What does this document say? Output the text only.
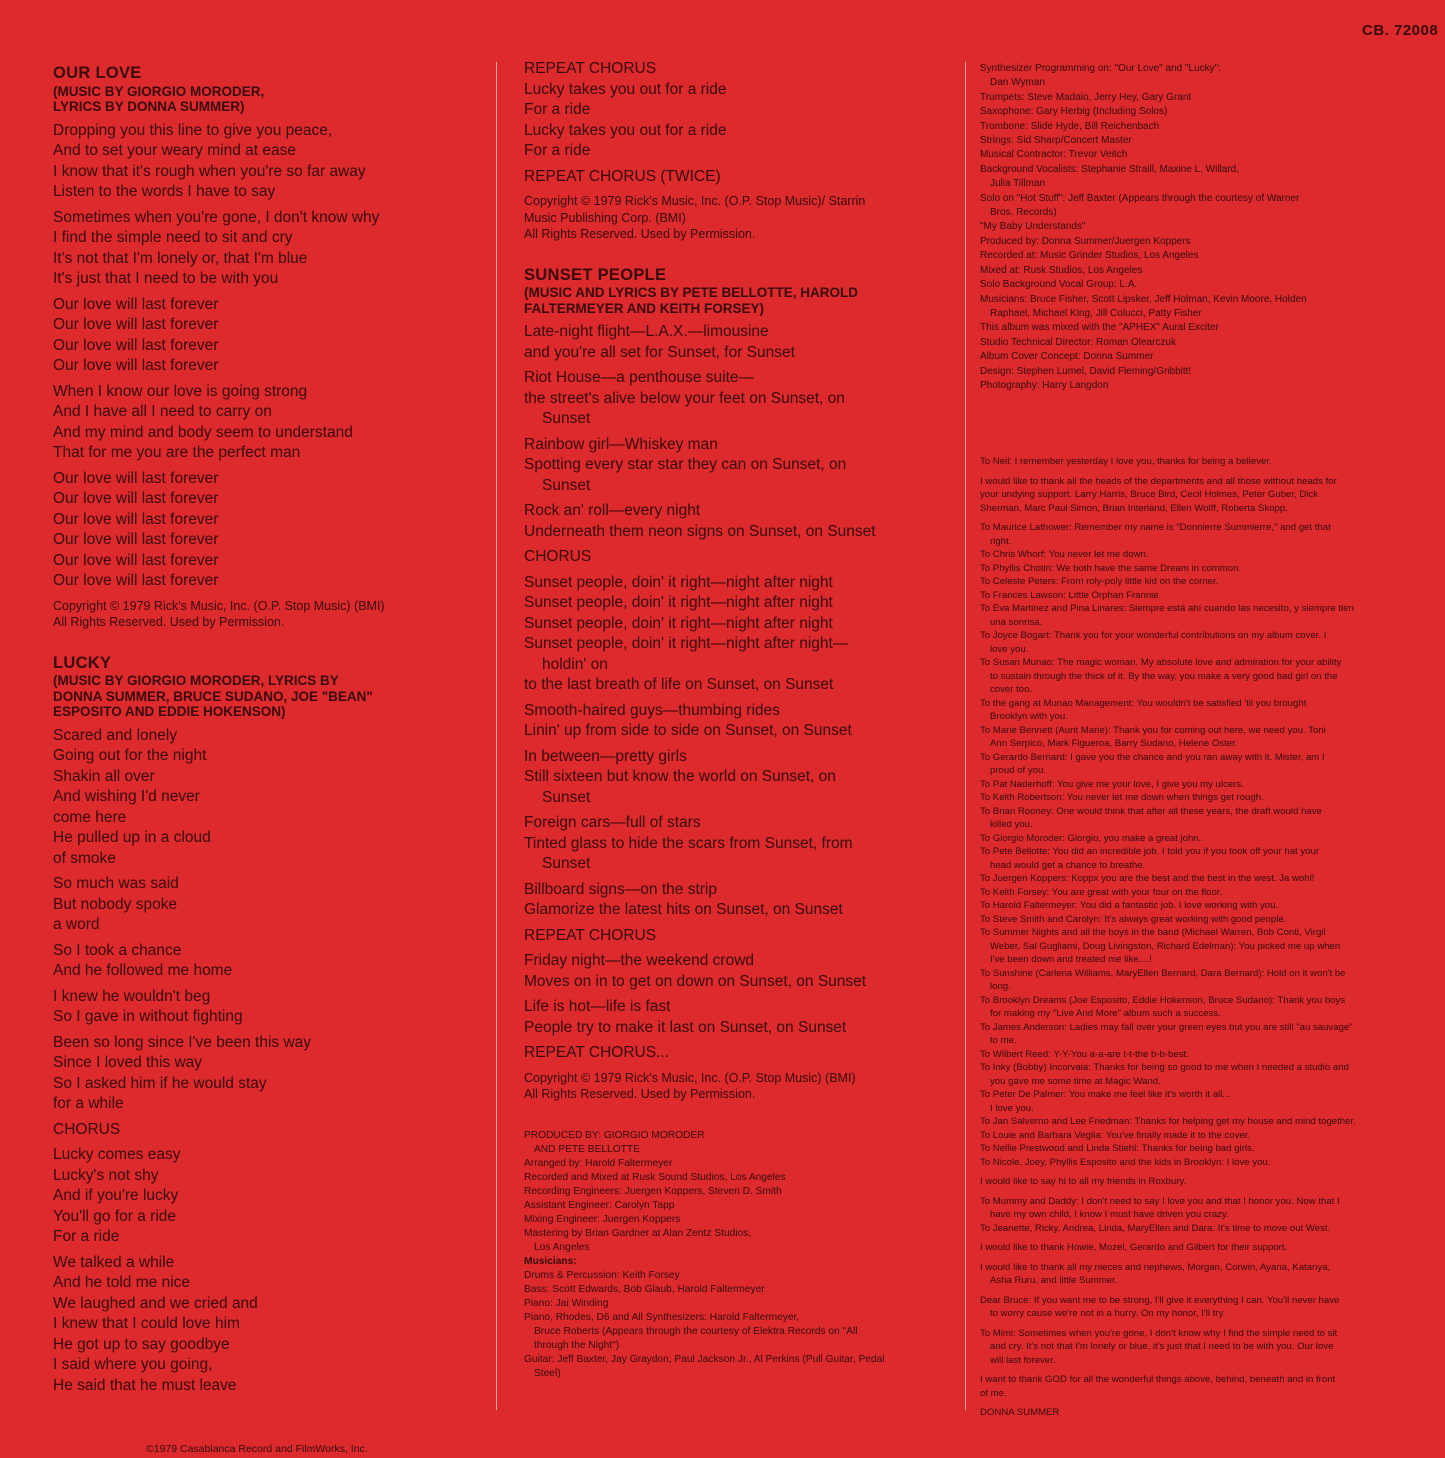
CB. 72008
©1979 Casablanca Record and FilmWorks, Inc.
OUR LOVE
(MUSIC BY GIORGIO MORODER,
LYRICS BY DONNA SUMMER)
Dropping you this line to give you peace,
And to set your weary mind at ease
I know that it's rough when you're so far away
Listen to the words I have to say
Sometimes when you're gone, I don't know why
I find the simple need to sit and cry
It's not that I'm lonely or, that I'm blue
It's just that I need to be with you
Our love will last forever
Our love will last forever
Our love will last forever
Our love will last forever
When I know our love is going strong
And I have all I need to carry on
And my mind and body seem to understand
That for me you are the perfect man
Our love will last forever
Our love will last forever
Our love will last forever
Our love will last forever
Our love will last forever
Our love will last forever
Copyright © 1979 Rick's Music, Inc. (O.P. Stop Music) (BMI)
All Rights Reserved. Used by Permission.
LUCKY
(MUSIC BY GIORGIO MORODER, LYRICS BY
DONNA SUMMER, BRUCE SUDANO, JOE "BEAN"
ESPOSITO AND EDDIE HOKENSON)
Scared and lonely
Going out for the night
Shakin all over
And wishing I'd never
come here
He pulled up in a cloud
of smoke
So much was said
But nobody spoke
a word
So I took a chance
And he followed me home
I knew he wouldn't beg
So I gave in without fighting
Been so long since I've been this way
Since I loved this way
So I asked him if he would stay
for a while
CHORUS
Lucky comes easy
Lucky's not shy
And if you're lucky
You'll go for a ride
For a ride
We talked a while
And he told me nice
We laughed and we cried and
I knew that I could love him
He got up to say goodbye
I said where you going,
He said that he must leave
REPEAT CHORUS
Lucky takes you out for a ride
For a ride
Lucky takes you out for a ride
For a ride
REPEAT CHORUS (TWICE)
Copyright © 1979 Rick's Music, Inc. (O.P. Stop Music)/ Starrin
Music Publishing Corp. (BMI)
All Rights Reserved. Used by Permission.
SUNSET PEOPLE
(MUSIC AND LYRICS BY PETE BELLOTTE, HAROLD
FALTERMEYER AND KEITH FORSEY)
Late-night flight—L.A.X.—limousine
and you're all set for Sunset, for Sunset
Riot House—a penthouse suite—
the street's alive below your feet on Sunset, on
Sunset
Rainbow girl—Whiskey man
Spotting every star star they can on Sunset, on
Sunset
Rock an' roll—every night
Underneath them neon signs on Sunset, on Sunset
CHORUS
Sunset people, doin' it right—night after night
Sunset people, doin' it right—night after night
Sunset people, doin' it right—night after night
Sunset people, doin' it right—night after night—
holdin' on
to the last breath of life on Sunset, on Sunset
Smooth-haired guys—thumbing rides
Linin' up from side to side on Sunset, on Sunset
In between—pretty girls
Still sixteen but know the world on Sunset, on
Sunset
Foreign cars—full of stars
Tinted glass to hide the scars from Sunset, from
Sunset
Billboard signs—on the strip
Glamorize the latest hits on Sunset, on Sunset
REPEAT CHORUS
Friday night—the weekend crowd
Moves on in to get on down on Sunset, on Sunset
Life is hot—life is fast
People try to make it last on Sunset, on Sunset
REPEAT CHORUS...
Copyright © 1979 Rick's Music, Inc. (O.P. Stop Music) (BMI)
All Rights Reserved. Used by Permission.
PRODUCED BY: GIORGIO MORODER
AND PETE BELLOTTE
Arranged by: Harold Faltermeyer
Recorded and Mixed at Rusk Sound Studios, Los Angeles
Recording Engineers: Juergen Koppers, Steven D. Smith
Assistant Engineer: Carolyn Tapp
Mixing Engineer: Juergen Koppers
Mastering by Brian Gardner at Alan Zentz Studios,
Los Angeles
Musicians:
Drums & Percussion: Keith Forsey
Bass: Scott Edwards, Bob Glaub, Harold Faltermeyer
Piano: Jai Winding
Piano, Rhodes, D6 and All Synthesizers: Harold Faltermeyer,
Bruce Roberts (Appears through the courtesy of Elektra Records on "All
through the Night")
Guitar: Jeff Baxter, Jay Graydon, Paul Jackson Jr., Al Perkins (Pull Guitar, Pedal
Steel)
Synthesizer Programming on: "Our Love" and "Lucky":
Dan Wyman
Trumpets: Steve Madaio, Jerry Hey, Gary Grant
Saxophone: Gary Herbig (Including Solos)
Trombone: Slide Hyde, Bill Reichenbach
Strings: Sid Sharp/Concert Master
Musical Contractor: Trevor Veitch
Background Vocalists: Stephanie Straill, Maxine L. Willard,
Julia Tillman
Solo on "Hot Stuff": Jeff Baxter (Appears through the courtesy of Warner
Bros. Records)
"My Baby Understands"
Produced by: Donna Summer/Juergen Koppers
Recorded at: Music Grinder Studios, Los Angeles
Mixed at: Rusk Studios, Los Angeles
Solo Background Vocal Group: L.A.
Musicians: Bruce Fisher, Scott Lipsker, Jeff Holman, Kevin Moore, Holden
Raphael, Michael King, Jill Colucci, Patty Fisher
This album was mixed with the "APHEX" Aural Exciter
Studio Technical Director: Roman Olearczuk
Album Cover Concept: Donna Summer
Design: Stephen Lumel, David Fleming/Gribbitt!
Photography: Harry Langdon
To Neil: I remember yesterday I love you, thanks for being a believer.
I would like to thank all the heads of the departments and all those without heads for
your undying support. Larry Harris, Bruce Bird, Cecil Holmes, Peter Guber, Dick
Sherman, Marc Paul Simon, Brian Interland, Ellen Wolff, Roberta Skopp.
To Maurice Lathower: Remember my name is "Donnierre Summierre," and get that
right.
To Chris Whorf: You never let me down.
To Phyllis Chotin: We both have the same Dream in common.
To Celeste Peters: From roly-poly little kid on the corner.
To Frances Lawson: Little Orphan Frannie.
To Eva Martinez and Pina Linares: Siempre está ahí cuando las necesito, y siempre tien
una sonrisa.
To Joyce Bogart: Thank you for your wonderful contributions on my album cover. I
love you.
To Susan Munao: The magic woman. My absolute love and admiration for your ability
to sustain through the thick of it. By the way, you make a very good bad girl on the
cover too.
To the gang at Munao Management: You wouldn't be satisfied 'til you brought
Brooklyn with you.
To Marie Bennett (Aunt Marie): Thank you for coming out here, we need you. Toni
Ann Serpico, Mark Figueroa, Barry Sudano, Helene Oster.
To Gerardo Bernard: I gave you the chance and you ran away with it. Mister, am I
proud of you.
To Pat Naderhoff: You give me your love, I give you my ulcers.
To Keith Robertson: You never let me down when things get rough.
To Brian Rooney: One would think that after all these years, the draft would have
killed you.
To Giorgio Moroder: Giorgio, you make a great john.
To Pete Bellotte: You did an incredible job. I told you if you took off your hat your
head would get a chance to breathe.
To Juergen Koppers: Koppx you are the best and the best in the west. Ja wohl!
To Keith Forsey: You are great with your four on the floor.
To Harold Faltermeyer: You did a fantastic job. I love working with you.
To Steve Smith and Carolyn: It's always great working with good people.
To Summer Nights and all the boys in the band (Michael Warren, Bob Conti, Virgil
Weber, Sal Gugliami, Doug Livingston, Richard Edelman): You picked me up when
I've been down and treated me like....!
To Sunshine (Carlena Williams, MaryEllen Bernard, Dara Bernard): Hold on it won't be
long.
To Brooklyn Dreams (Joe Esposito, Eddie Hokenson, Bruce Sudano): Thank you boys
for making my "Live And More" album such a success.
To James Anderson: Ladies may fall over your green eyes but you are still "au sauvage"
to me.
To Wilbert Reed: Y-Y-You a-a-are t-t-the b-b-best.
To Inky (Bobby) Incorvaia: Thanks for being so good to me when I needed a studio and
you gave me some time at Magic Wand.
To Peter De Palmer: You make me feel like it's worth it all...
I love you.
To Jan Salverno and Lee Friedman: Thanks for helping get my house and mind together.
To Louie and Barbara Veglia: You've finally made it to the cover.
To Nellie Prestwood and Linda Stiehl: Thanks for being bad girls.
To Nicole, Joey, Phyllis Esposito and the kids in Brooklyn: I love you.
I would like to say hi to all my friends in Roxbury.
To Mummy and Daddy: I don't need to say I love you and that I honor you. Now that I
have my own child, I know I must have driven you crazy.
To Jeanette, Ricky, Andrea, Linda, MaryEllen and Dara: It's time to move out West.
I would like to thank Howie, Mozel, Gerardo and Gilbert for their support.
I would like to thank all my nieces and nephews, Morgan, Corwin, Ayana, Katanya,
Asha Ruru, and little Summer.
Dear Bruce: If you want me to be strong, I'll give it everything I can. You'll never have
to worry cause we're not in a hurry. On my honor, I'll try.
To Mimi: Sometimes when you're gone, I don't know why I find the simple need to sit
and cry. It's not that I'm lonely or blue, it's just that I need to be with you. Our love
will last forever.
I want to thank GOD for all the wonderful things above, behind, beneath and in front
of me.
DONNA SUMMER
